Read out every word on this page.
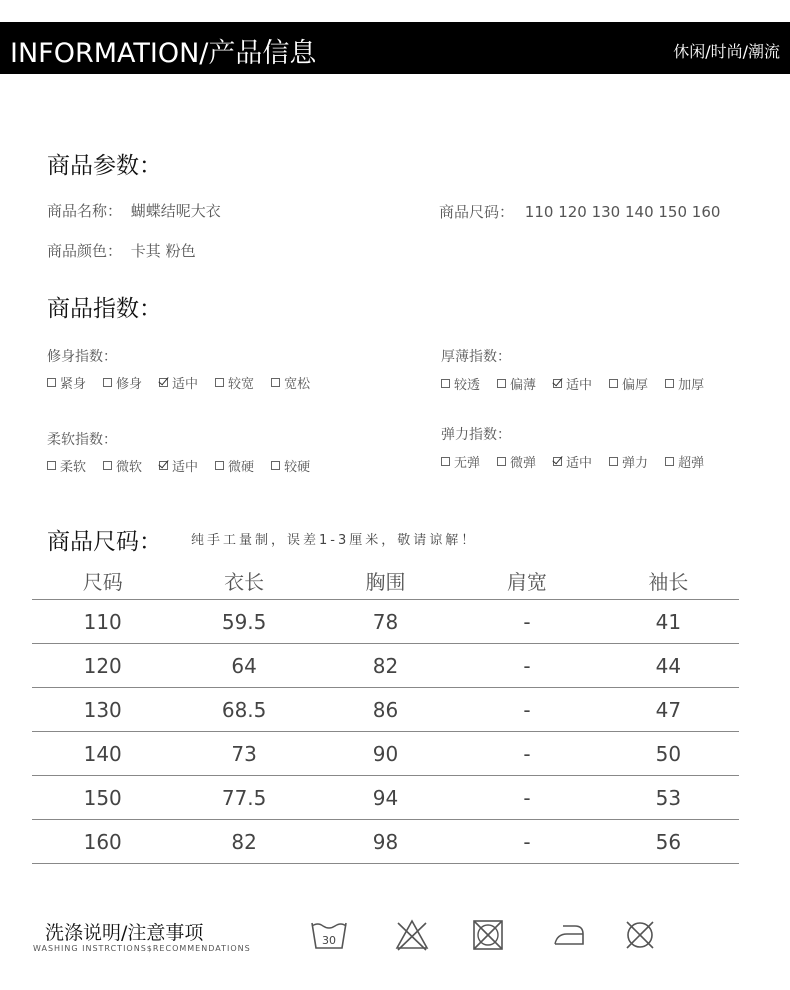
INFORMATION/产品信息	休闲/时尚/潮流
商品参数：
商品名称： 蝴蝶结呢大衣	商品尺码： 110 120 130 140 150 160
商品颜色： 卡其 粉色
商品指数：
修身指数：
紧身 修身 适中 较宽 宽松
厚薄指数：
较透 偏薄 适中 偏厚 加厚
柔软指数：
柔软 微软 适中 微硬 较硬
弹力指数：
无弹 微弹 适中 弹力 超弹
商品尺码： 纯手工量制，误差1-3厘米，敬请谅解！
尺码	衣长	胸围	肩宽	袖长
110	59.5	78	-	41
120	64	82	-	44
130	68.5	86	-	47
140	73	90	-	50
150	77.5	94	-	53
160	82	98	-	56
洗涤说明/注意事项
WASHING INSTRCTIONS$RECOMMENDATIONS
30
